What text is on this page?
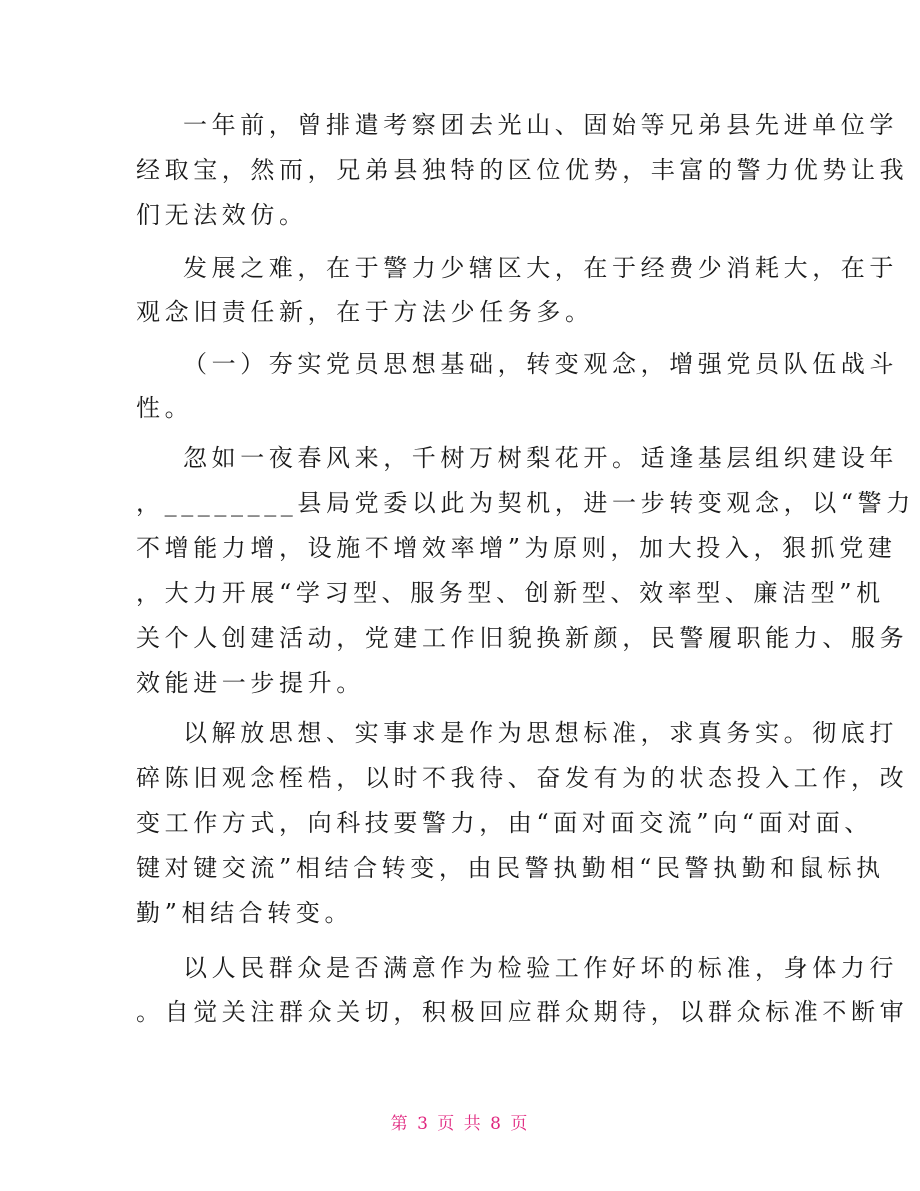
一年前，曾排遣考察团去光山、固始等兄弟县先进单位学
经取宝，然而，兄弟县独特的区位优势，丰富的警力优势让我
们无法效仿。
发展之难，在于警力少辖区大，在于经费少消耗大，在于
观念旧责任新，在于方法少任务多。
（一）夯实党员思想基础，转变观念，增强党员队伍战斗
性。
忽如一夜春风来，千树万树梨花开。适逢基层组织建设年
，________县局党委以此为契机，进一步转变观念，以“警力
不增能力增，设施不增效率增”为原则，加大投入，狠抓党建
，大力开展“学习型、服务型、创新型、效率型、廉洁型”机
关个人创建活动，党建工作旧貌换新颜，民警履职能力、服务
效能进一步提升。
以解放思想、实事求是作为思想标准，求真务实。彻底打
碎陈旧观念桎梏，以时不我待、奋发有为的状态投入工作，改
变工作方式，向科技要警力，由“面对面交流”向“面对面、
键对键交流”相结合转变，由民警执勤相“民警执勤和鼠标执
勤”相结合转变。
以人民群众是否满意作为检验工作好坏的标准，身体力行
。自觉关注群众关切，积极回应群众期待，以群众标准不断审
第 3 页 共 8 页
